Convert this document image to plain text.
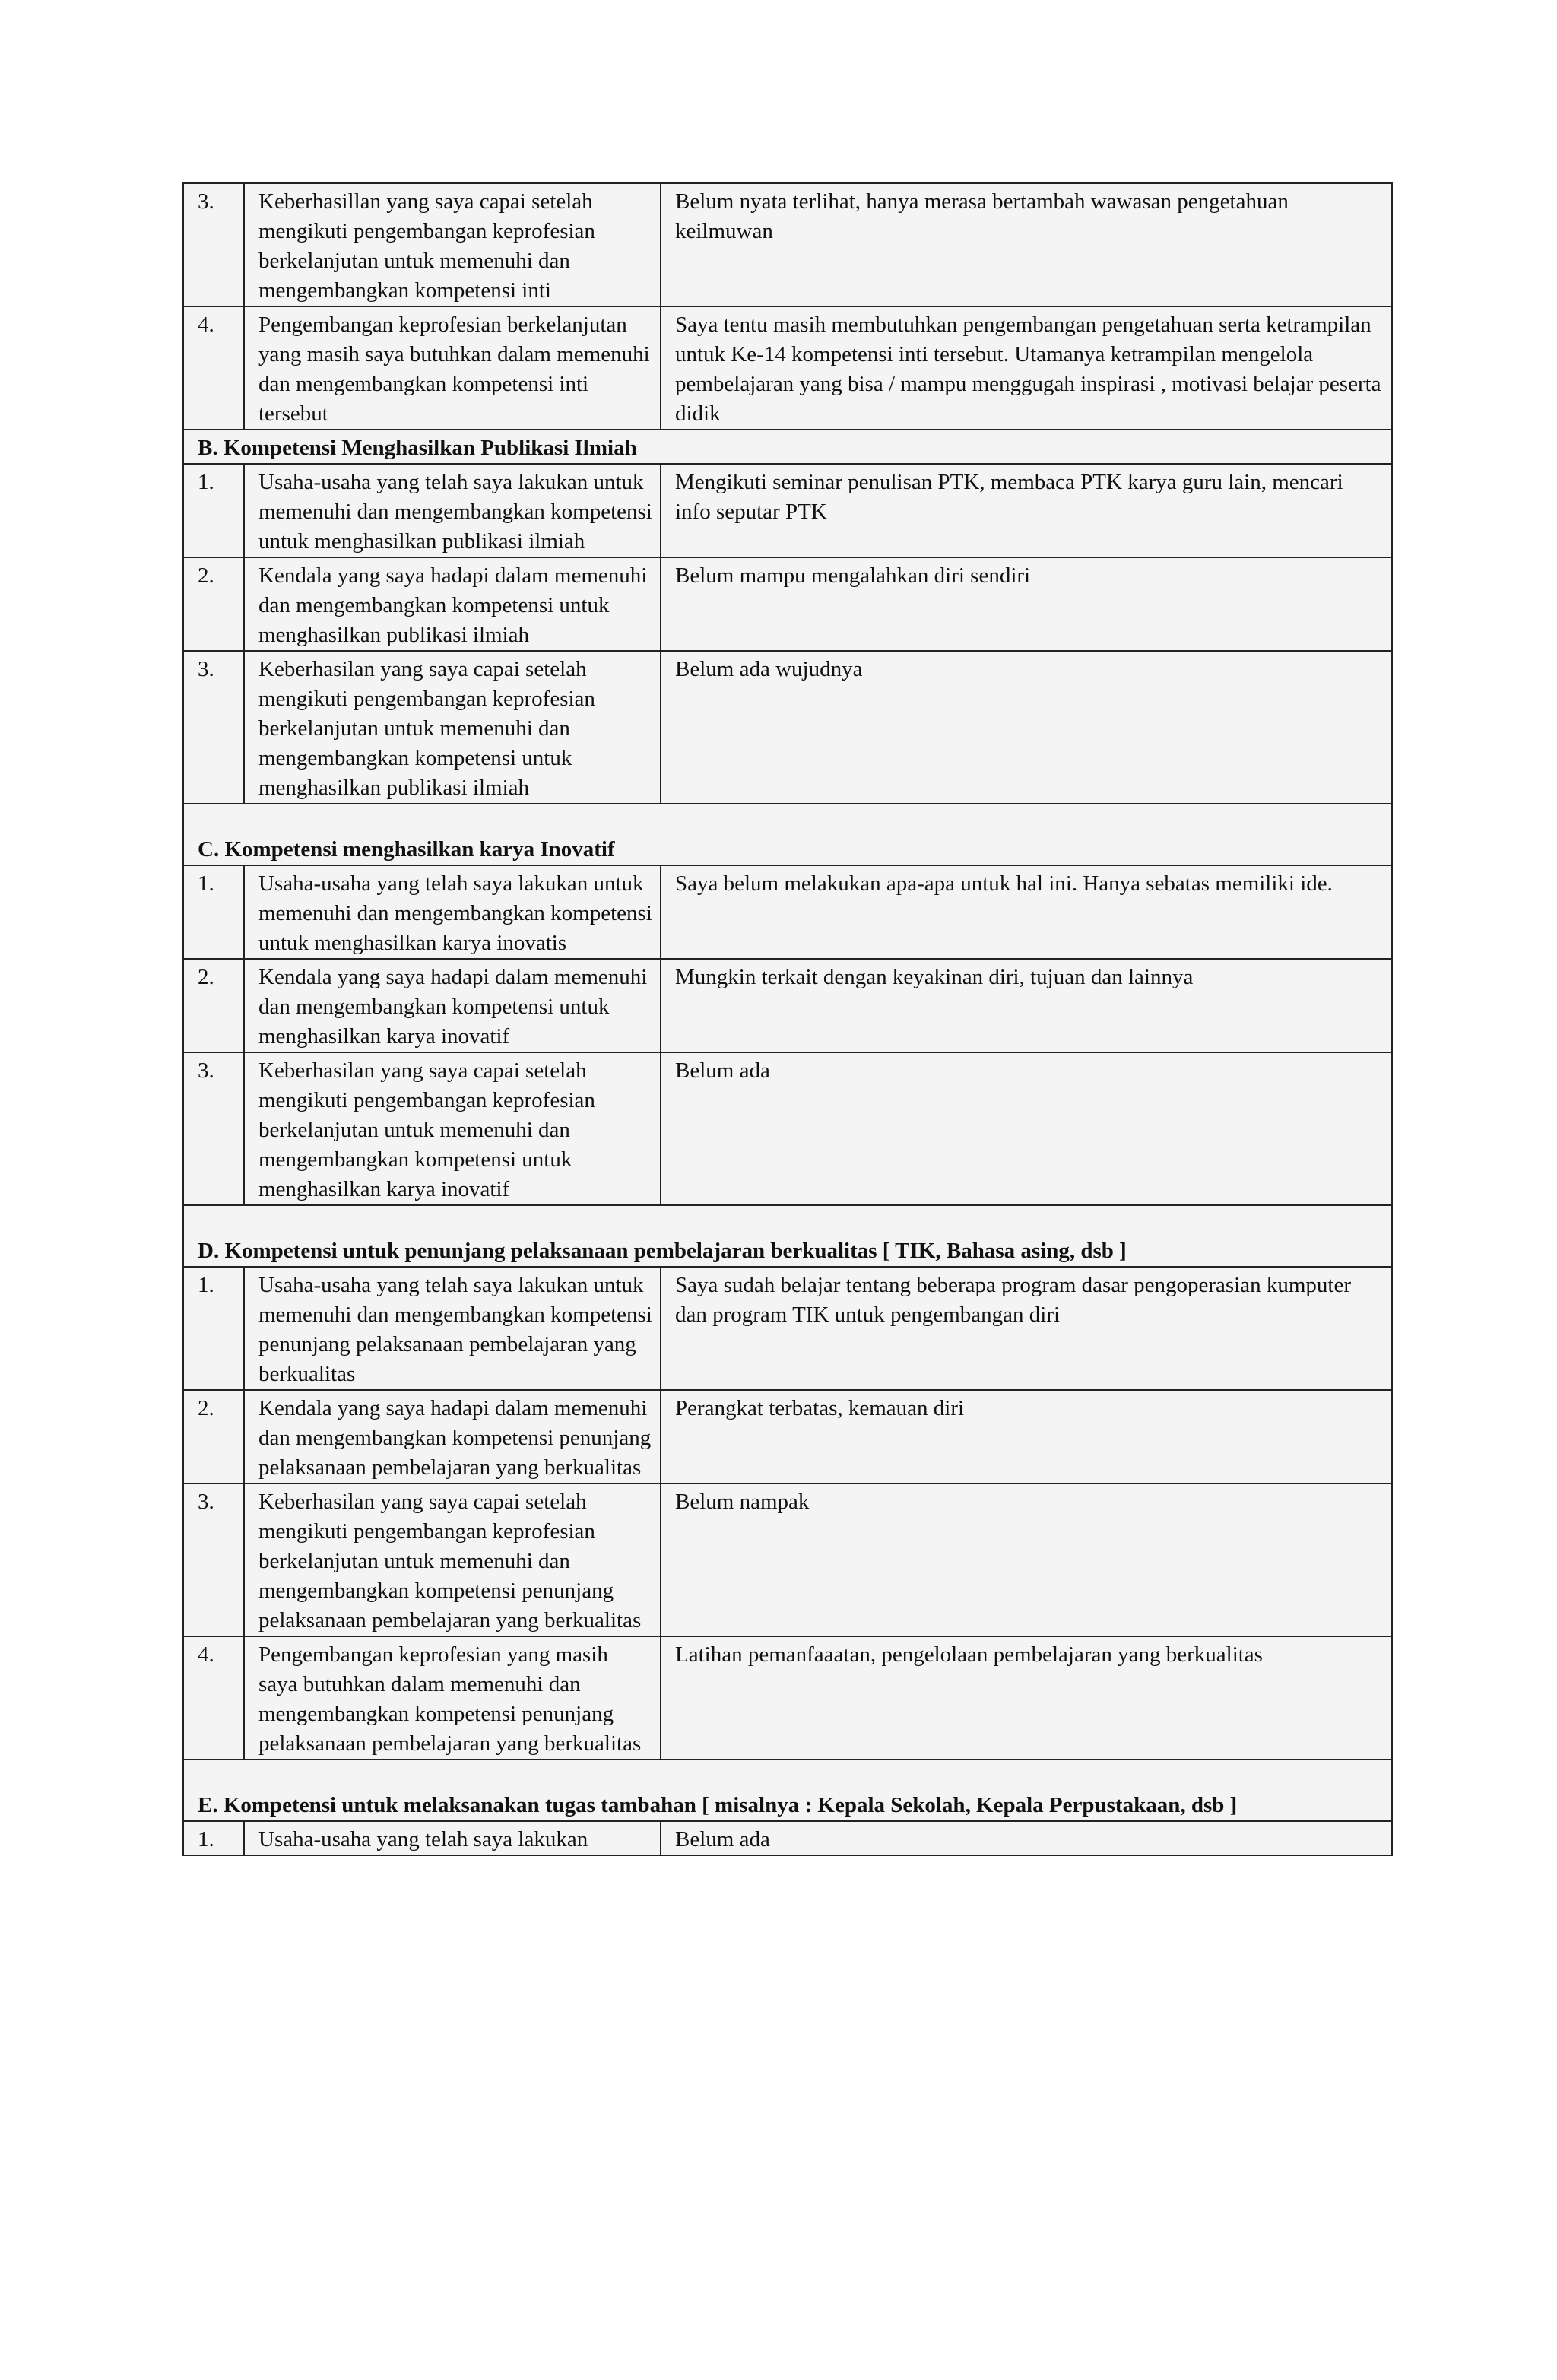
3.	Keberhasillan yang saya capai setelah mengikuti pengembangan keprofesian berkelanjutan untuk memenuhi dan mengembangkan kompetensi inti	Belum nyata terlihat, hanya merasa bertambah wawasan pengetahuan keilmuwan
4.	Pengembangan keprofesian berkelanjutan yang masih saya butuhkan dalam memenuhi dan mengembangkan kompetensi inti tersebut	Saya tentu masih membutuhkan pengembangan pengetahuan serta ketrampilan untuk Ke-14 kompetensi inti tersebut. Utamanya ketrampilan mengelola pembelajaran yang bisa / mampu menggugah inspirasi , motivasi belajar peserta didik
B. Kompetensi Menghasilkan Publikasi Ilmiah		
1.	Usaha-usaha yang telah saya lakukan untuk memenuhi dan mengembangkan kompetensi untuk menghasilkan publikasi ilmiah	Mengikuti seminar penulisan PTK, membaca PTK karya guru lain, mencari info seputar PTK
2.	Kendala yang saya hadapi dalam memenuhi dan mengembangkan kompetensi untuk menghasilkan publikasi ilmiah	Belum mampu mengalahkan diri sendiri
3.	Keberhasilan yang saya capai setelah mengikuti pengembangan keprofesian berkelanjutan untuk memenuhi dan mengembangkan kompetensi untuk menghasilkan publikasi ilmiah	Belum ada wujudnya
C. Kompetensi menghasilkan karya Inovatif		
1.	Usaha-usaha yang telah saya lakukan untuk memenuhi dan mengembangkan kompetensi untuk menghasilkan karya inovatis	Saya belum melakukan apa-apa untuk hal ini. Hanya sebatas memiliki ide.
2.	Kendala yang saya hadapi dalam memenuhi dan mengembangkan kompetensi untuk menghasilkan karya inovatif	Mungkin terkait dengan keyakinan diri, tujuan dan lainnya
3.	Keberhasilan yang saya capai setelah mengikuti pengembangan keprofesian berkelanjutan untuk memenuhi dan mengembangkan kompetensi untuk menghasilkan karya inovatif	Belum ada
D. Kompetensi untuk penunjang pelaksanaan pembelajaran berkualitas [ TIK, Bahasa asing, dsb ]		
1.	Usaha-usaha yang telah saya lakukan untuk memenuhi dan mengembangkan kompetensi penunjang pelaksanaan pembelajaran yang berkualitas	Saya sudah belajar tentang beberapa program dasar pengoperasian kumputer dan program TIK untuk pengembangan diri
2.	Kendala yang saya hadapi dalam memenuhi dan mengembangkan kompetensi penunjang pelaksanaan pembelajaran yang berkualitas	Perangkat terbatas, kemauan diri
3.	Keberhasilan yang saya capai setelah mengikuti pengembangan keprofesian berkelanjutan untuk memenuhi dan mengembangkan kompetensi penunjang pelaksanaan pembelajaran yang berkualitas	Belum nampak
4.	Pengembangan keprofesian yang masih saya butuhkan dalam memenuhi dan mengembangkan kompetensi penunjang pelaksanaan pembelajaran yang berkualitas	Latihan pemanfaaatan, pengelolaan pembelajaran yang berkualitas
E. Kompetensi untuk melaksanakan tugas tambahan [ misalnya : Kepala Sekolah, Kepala Perpustakaan, dsb ]		
1.	Usaha-usaha yang telah saya lakukan	Belum ada
